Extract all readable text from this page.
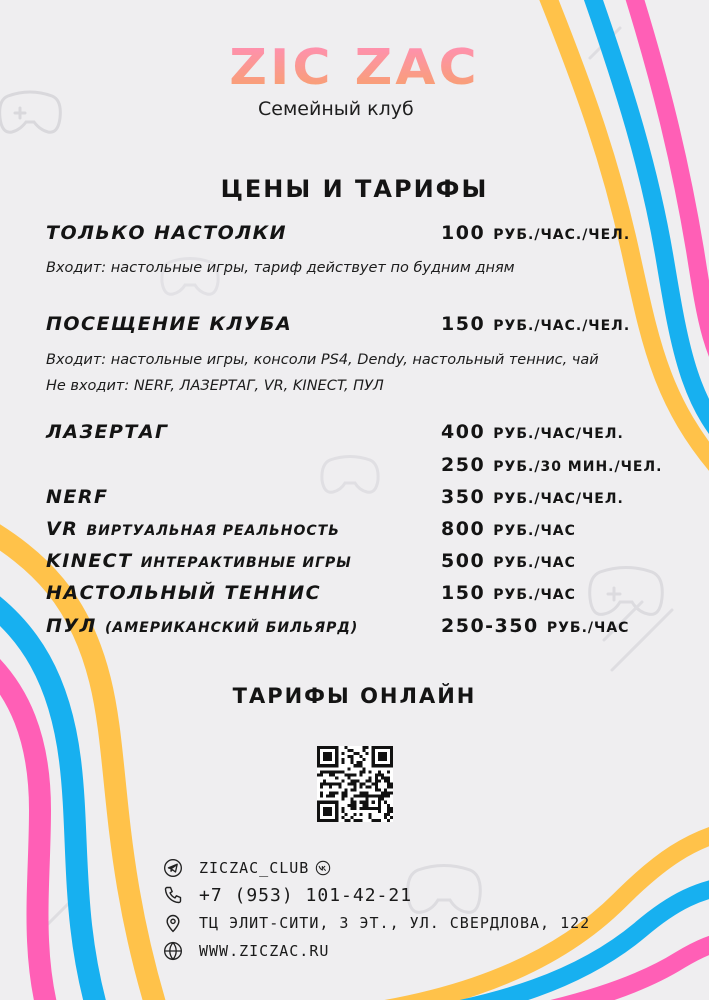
ZIC ZAC
Семейный клуб
ЦЕНЫ И ТАРИФЫ
ТОЛЬКО НАСТОЛКИ	100 РУБ./ЧАС./ЧЕЛ.
Входит: настольные игры, тариф действует по будним дням
ПОСЕЩЕНИЕ КЛУБА	150 РУБ./ЧАС./ЧЕЛ.
Входит: настольные игры, консоли PS4, Dendy, настольный теннис, чай
Не входит: NERF, ЛАЗЕРТАГ, VR, KINECT, ПУЛ
ЛАЗЕРТАГ	400 РУБ./ЧАС/ЧЕЛ.
250 РУБ./30 МИН./ЧЕЛ.
NERF	350 РУБ./ЧАС/ЧЕЛ.
VR ВИРТУАЛЬНАЯ РЕАЛЬНОСТЬ	800 РУБ./ЧАС
KINECT ИНТЕРАКТИВНЫЕ ИГРЫ	500 РУБ./ЧАС
НАСТОЛЬНЫЙ ТЕННИС	150 РУБ./ЧАС
ПУЛ (АМЕРИКАНСКИЙ БИЛЬЯРД)	250-350 РУБ./ЧАС
ТАРИФЫ ОНЛАЙН
ZICZAC_CLUB
+7 (953) 101-42-21
ТЦ ЭЛИТ-СИТИ, 3 ЭТ., УЛ. СВЕРДЛОВА, 122
WWW.ZICZAC.RU
